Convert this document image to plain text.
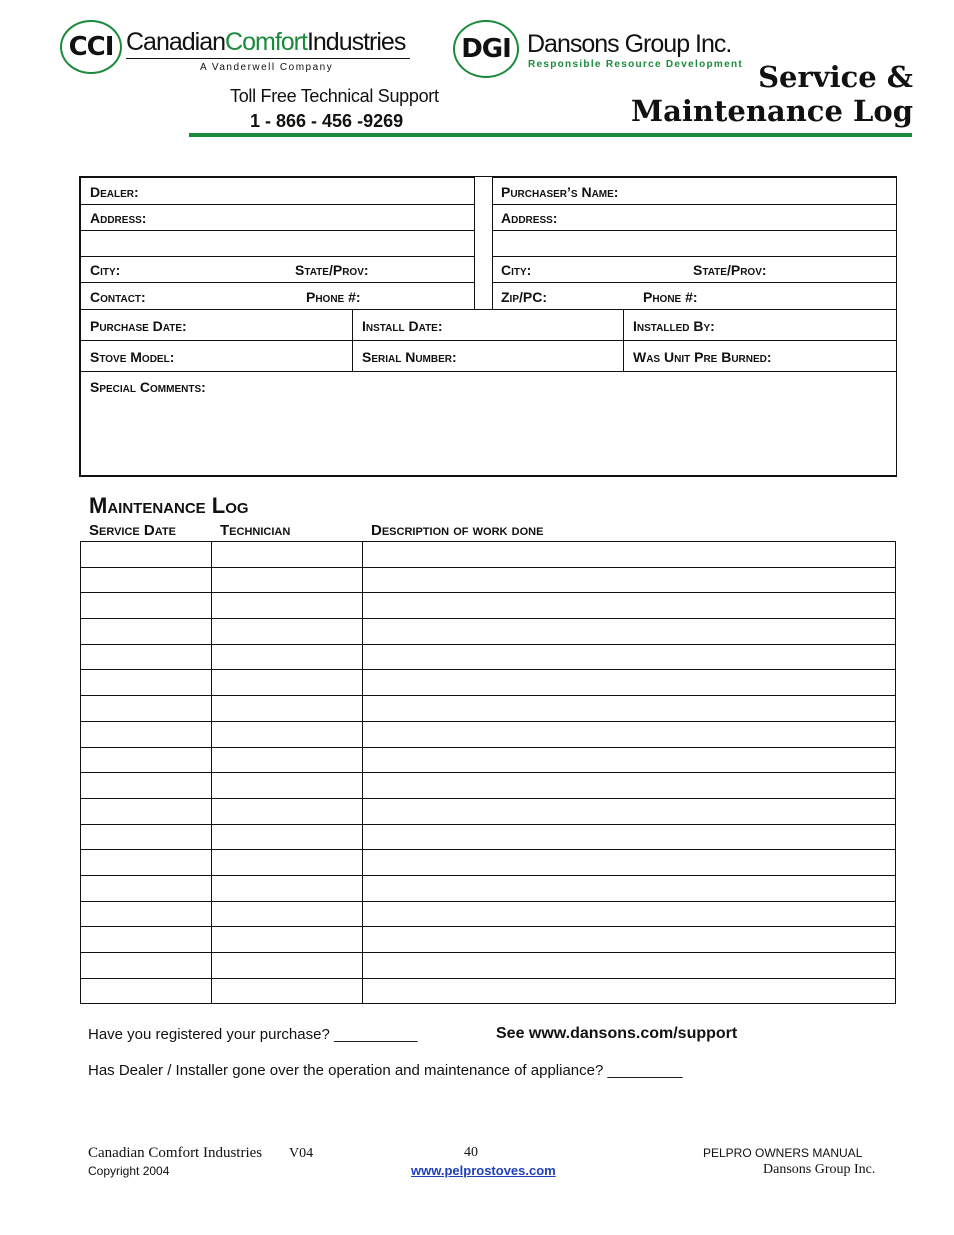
CCI CanadianComfortIndustries
A Vanderwell Company
DGI Dansons Group Inc.
Responsible Resource Development
Toll Free Technical Support
1 - 866 - 456 -9269
Service &
Maintenance Log
Dealer:
Address:
City:	State/Prov:
Contact:	Phone #:
Purchaser’s Name:
Address:
City:	State/Prov:
Zip/PC:	Phone #:
Purchase Date:	Install Date:	Installed By:
Stove Model:	Serial Number:	Was Unit Pre Burned:
Special Comments:
Maintenance Log
Service Date	Technician	Description of work done

Have you registered your purchase? __________	See www.dansons.com/support
Has Dealer / Installer gone over the operation and maintenance of appliance? _________
Canadian Comfort Industries V04
Copyright 2004
40
www.pelprostoves.com
PELPRO OWNERS MANUAL
Dansons Group Inc.
